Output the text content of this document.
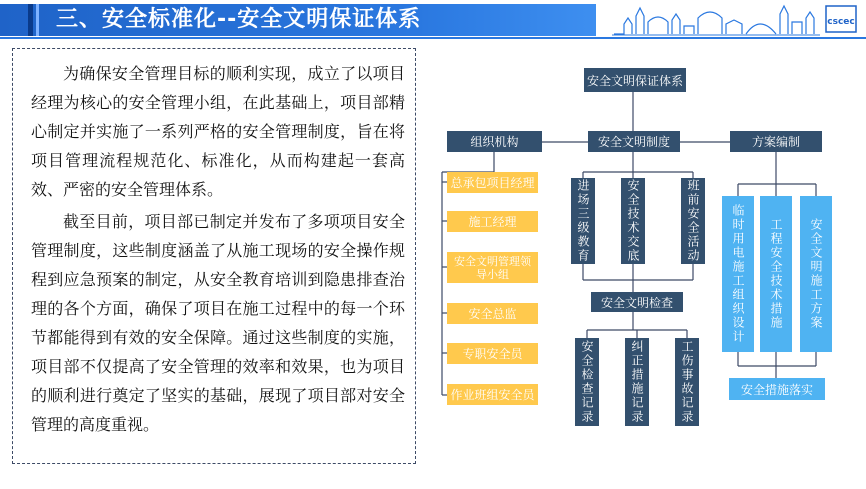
三、安全标准化--安全文明保证体系	cscec
为确保安全管理目标的顺利实现，成立了以项目经理为核心的安全管理小组，在此基础上，项目部精心制定并实施了一系列严格的安全管理制度，旨在将项目管理流程规范化、标准化，从而构建起一套高效、严密的安全管理体系。
截至目前，项目部已制定并发布了多项项目安全管理制度，这些制度涵盖了从施工现场的安全操作规程到应急预案的制定，从安全教育培训到隐患排查治理的各个方面，确保了项目在施工过程中的每一个环节都能得到有效的安全保障。通过这些制度的实施，项目部不仅提高了安全管理的效率和效果，也为项目的顺利进行奠定了坚实的基础，展现了项目部对安全管理的高度重视。
安全文明保证体系
组织机构	安全文明制度	方案编制
总承包项目经理
施工经理
安全文明管理领导小组
安全总监
专职安全员
作业班组安全员
进场三级教育	安全技术交底	班前安全活动
安全文明检查
安全检查记录	纠正措施记录	工伤事故记录
临时用电施工组织设计	工程安全技术措施	安全文明施工方案
安全措施落实
